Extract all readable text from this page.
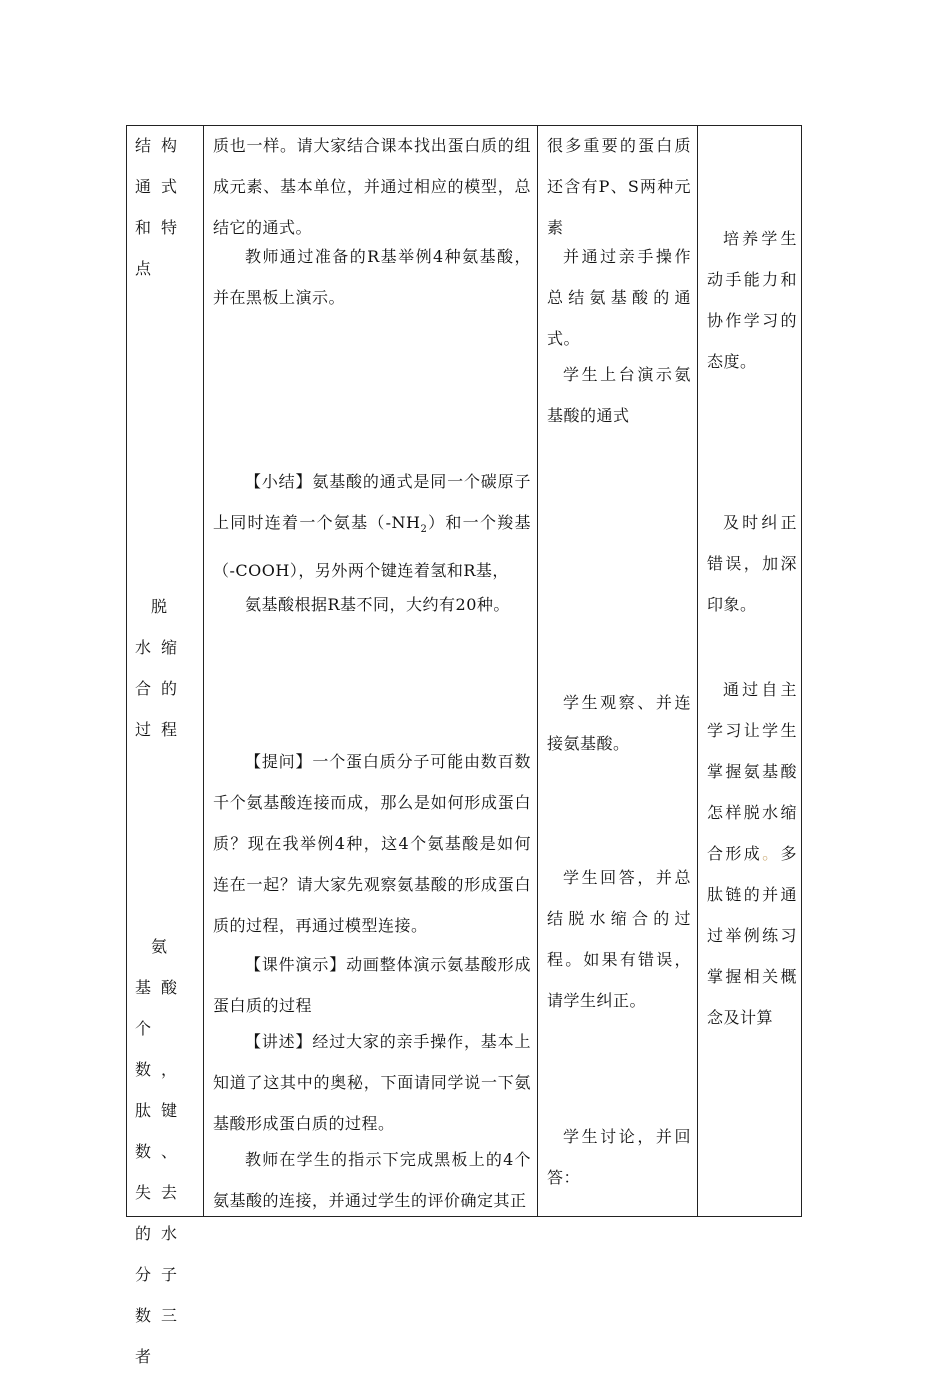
结构通式和特点

脱水缩合的过程

氨基酸个数，肽键数、失去的水分子数三者

质也一样。请大家结合课本找出蛋白质的组成元素、基本单位，并通过相应的模型，总结它的通式。

教师通过准备的R基举例4种氨基酸，并在黑板上演示。

【小结】氨基酸的通式是同一个碳原子上同时连着一个氨基$(-NH_2)$和一个羧基（-COOH），另外两个键连着氢和R基，

氨基酸根据R基不同，大约有20种。

【提问】一个蛋白质分子可能由数百数千个氨基酸连接而成，那么是如何形成蛋白质？现在我举例4种，这4个氨基酸是如何连在一起？请大家先观察氨基酸的形成蛋白质的过程，再通过模型连接。

【课件演示】动画整体演示氨基酸形成蛋白质的过程

【讲述】经过大家的亲手操作，基本上知道了这其中的奥秘，下面请同学说一下氨基酸形成蛋白质的过程。

教师在学生的指示下完成黑板上的4个氨基酸的连接，并通过学生的评价确定其正

很多重要的蛋白质还含有P、S两种元素

并通过亲手操作总结氨基酸的通式。

学生上台演示氨基酸的通式

学生观察、并连接氨基酸。

学生回答，并总结脱水缩合的过程。如果有错误，请学生纠正。

学生讨论，并回答：

培养学生动手能力和协作学习的态度。

及时纠正错误，加深印象。

通过自主学习让学生掌握氨基酸怎样脱水缩合形成。多肽链的并通过举例练习掌握相关概念及计算
